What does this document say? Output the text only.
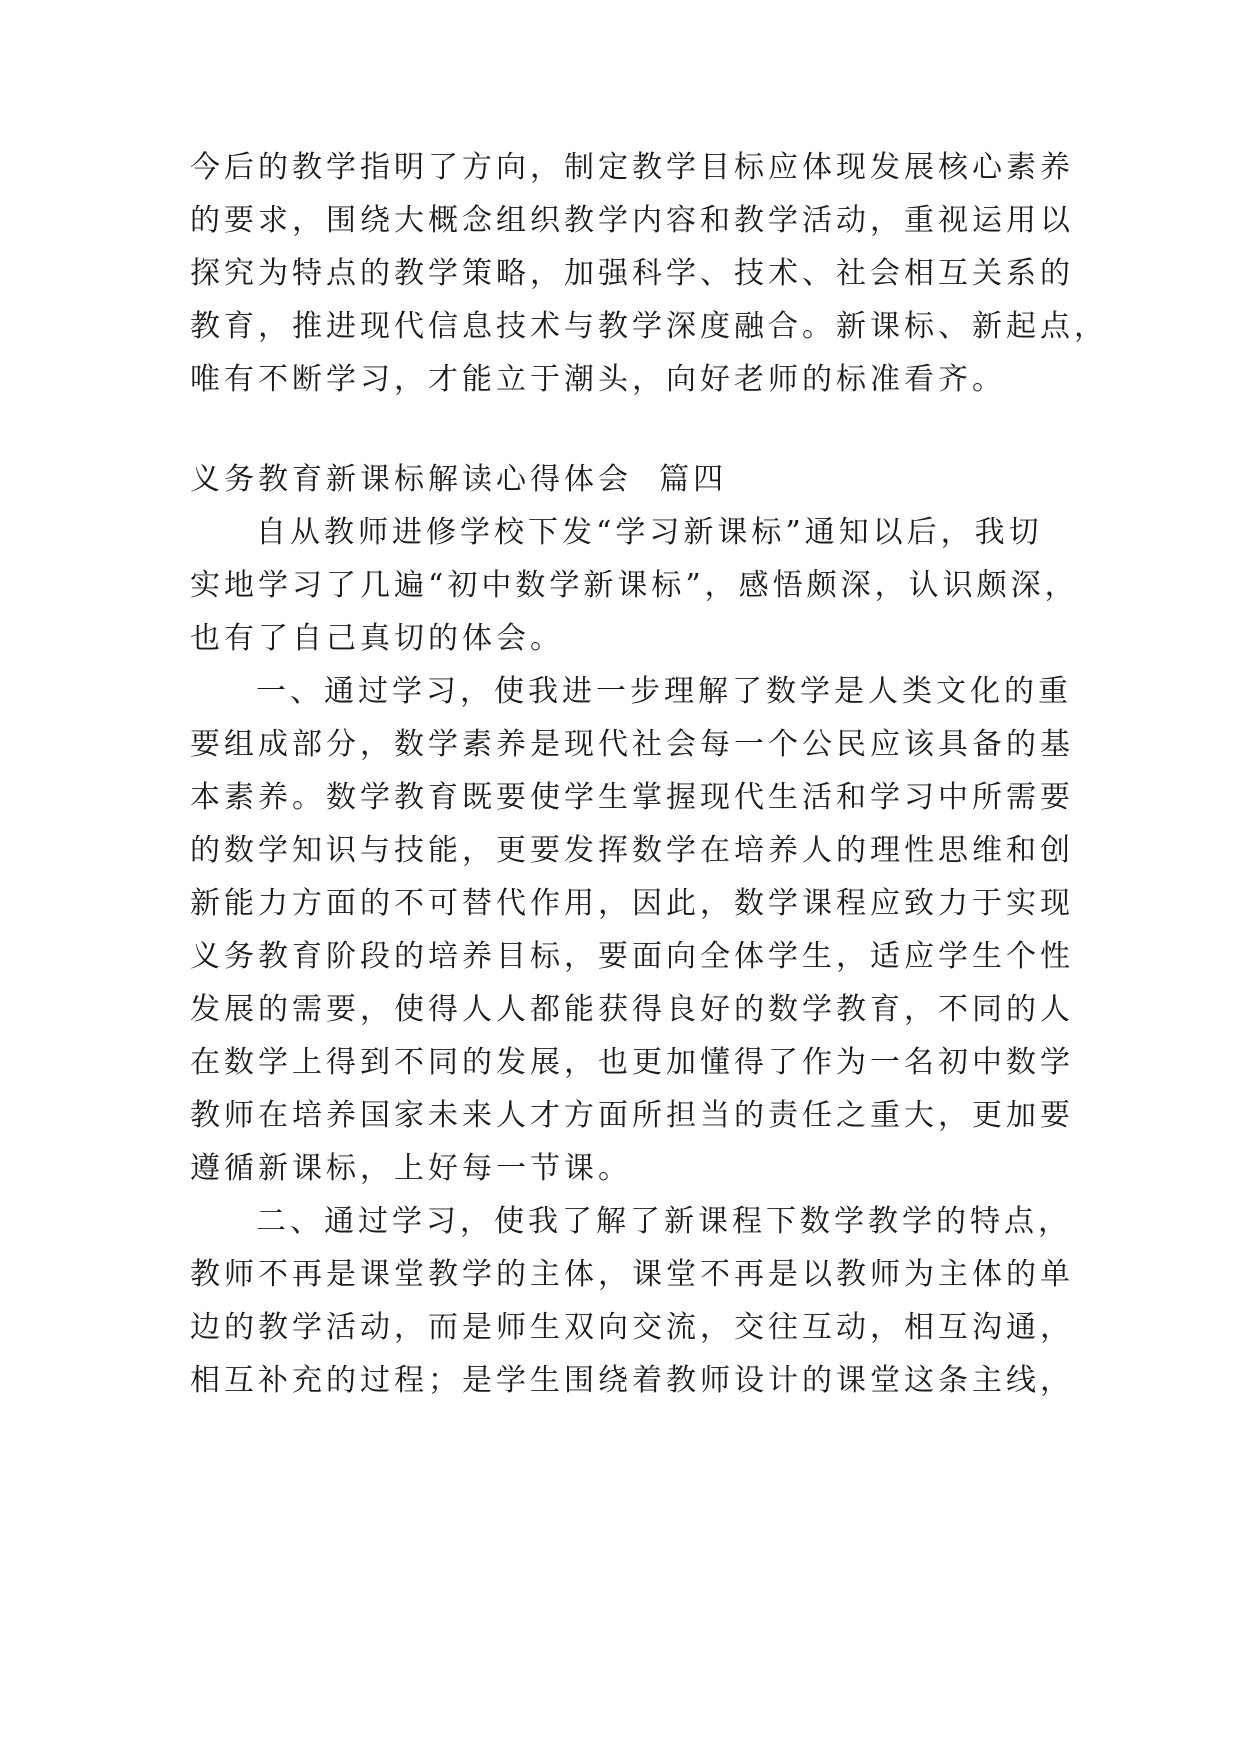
今后的教学指明了方向，制定教学目标应体现发展核心素养
的要求，围绕大概念组织教学内容和教学活动，重视运用以
探究为特点的教学策略，加强科学、技术、社会相互关系的
教育，推进现代信息技术与教学深度融合。新课标、新起点，
唯有不断学习，才能立于潮头，向好老师的标准看齐。
义务教育新课标解读心得体会  篇四
自从教师进修学校下发“学习新课标”通知以后，我切
实地学习了几遍“初中数学新课标”，感悟颇深，认识颇深，
也有了自己真切的体会。
一、通过学习，使我进一步理解了数学是人类文化的重
要组成部分，数学素养是现代社会每一个公民应该具备的基
本素养。数学教育既要使学生掌握现代生活和学习中所需要
的数学知识与技能，更要发挥数学在培养人的理性思维和创
新能力方面的不可替代作用，因此，数学课程应致力于实现
义务教育阶段的培养目标，要面向全体学生，适应学生个性
发展的需要，使得人人都能获得良好的数学教育，不同的人
在数学上得到不同的发展，也更加懂得了作为一名初中数学
教师在培养国家未来人才方面所担当的责任之重大，更加要
遵循新课标，上好每一节课。
二、通过学习，使我了解了新课程下数学教学的特点，
教师不再是课堂教学的主体，课堂不再是以教师为主体的单
边的教学活动，而是师生双向交流，交往互动，相互沟通，
相互补充的过程；是学生围绕着教师设计的课堂这条主线，
